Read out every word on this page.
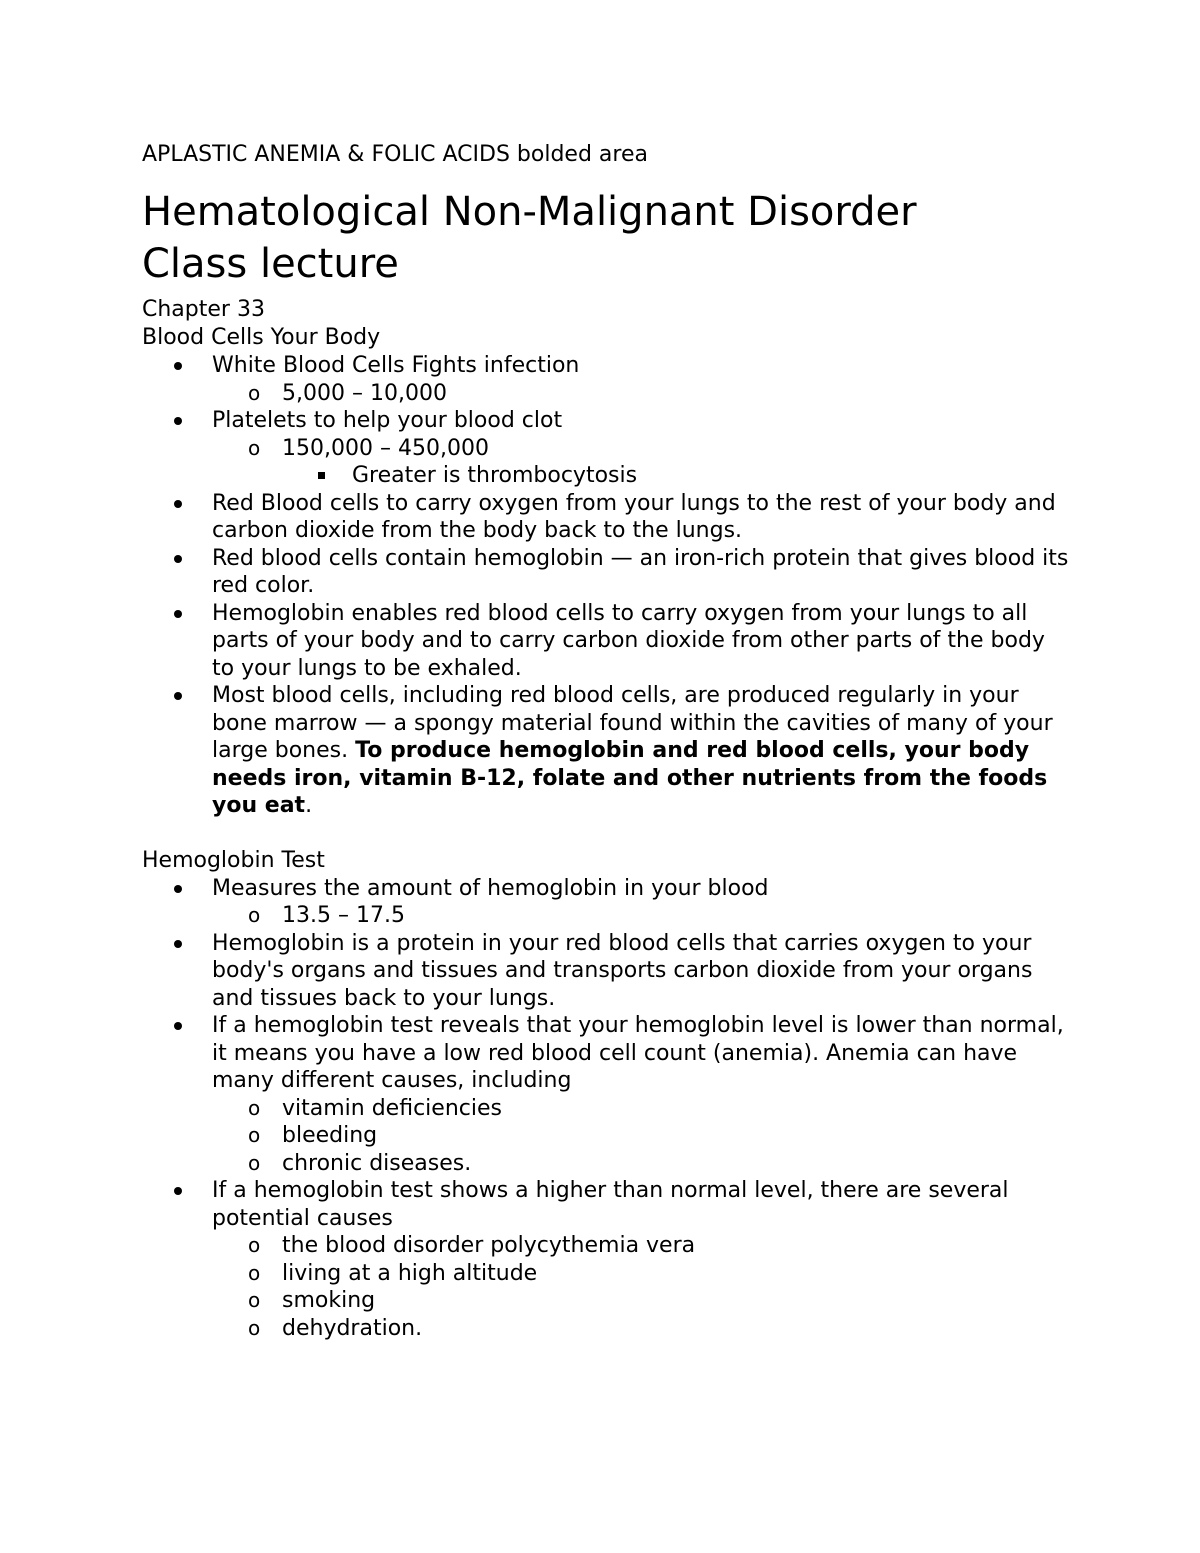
APLASTIC ANEMIA & FOLIC ACIDS bolded area

Hematological Non-Malignant Disorder
Class lecture

Chapter 33

Blood Cells Your Body

White Blood Cells Fights infection
o 5,000 – 10,000
Platelets to help your blood clot
o 150,000 – 450,000
Greater is thrombocytosis
Red Blood cells to carry oxygen from your lungs to the rest of your body and carbon dioxide from the body back to the lungs.
Red blood cells contain hemoglobin — an iron-rich protein that gives blood its red color.
Hemoglobin enables red blood cells to carry oxygen from your lungs to all parts of your body and to carry carbon dioxide from other parts of the body to your lungs to be exhaled.
Most blood cells, including red blood cells, are produced regularly in your bone marrow — a spongy material found within the cavities of many of your large bones. To produce hemoglobin and red blood cells, your body needs iron, vitamin B-12, folate and other nutrients from the foods you eat.

Hemoglobin Test

Measures the amount of hemoglobin in your blood
o 13.5 – 17.5
Hemoglobin is a protein in your red blood cells that carries oxygen to your body's organs and tissues and transports carbon dioxide from your organs and tissues back to your lungs.
If a hemoglobin test reveals that your hemoglobin level is lower than normal, it means you have a low red blood cell count (anemia). Anemia can have many different causes, including
o vitamin deficiencies
o bleeding
o chronic diseases.
If a hemoglobin test shows a higher than normal level, there are several potential causes
o the blood disorder polycythemia vera
o living at a high altitude
o smoking
o dehydration.
